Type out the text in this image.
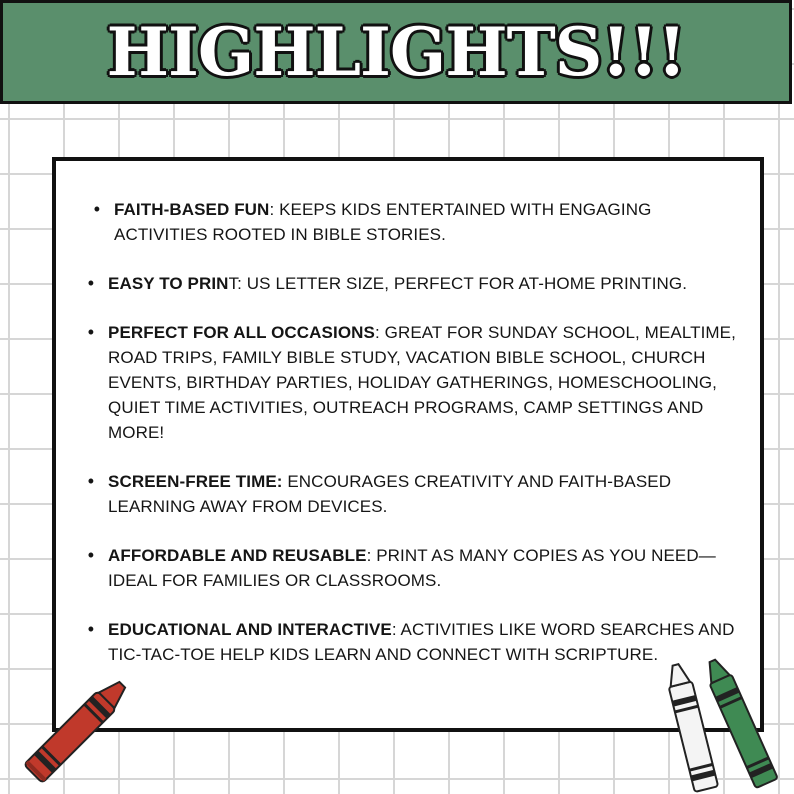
HIGHLIGHTS!!!
• FAITH-BASED FUN: KEEPS KIDS ENTERTAINED WITH ENGAGING ACTIVITIES ROOTED IN BIBLE STORIES.
• EASY TO PRINT: US LETTER SIZE, PERFECT FOR AT-HOME PRINTING.
• PERFECT FOR ALL OCCASIONS: GREAT FOR SUNDAY SCHOOL, MEALTIME, ROAD TRIPS, FAMILY BIBLE STUDY, VACATION BIBLE SCHOOL, CHURCH EVENTS, BIRTHDAY PARTIES, HOLIDAY GATHERINGS, HOMESCHOOLING, QUIET TIME ACTIVITIES, OUTREACH PROGRAMS, CAMP SETTINGS AND MORE!
• SCREEN-FREE TIME: ENCOURAGES CREATIVITY AND FAITH-BASED LEARNING AWAY FROM DEVICES.
• AFFORDABLE AND REUSABLE: PRINT AS MANY COPIES AS YOU NEED—IDEAL FOR FAMILIES OR CLASSROOMS.
• EDUCATIONAL AND INTERACTIVE: ACTIVITIES LIKE WORD SEARCHES AND TIC-TAC-TOE HELP KIDS LEARN AND CONNECT WITH SCRIPTURE.
